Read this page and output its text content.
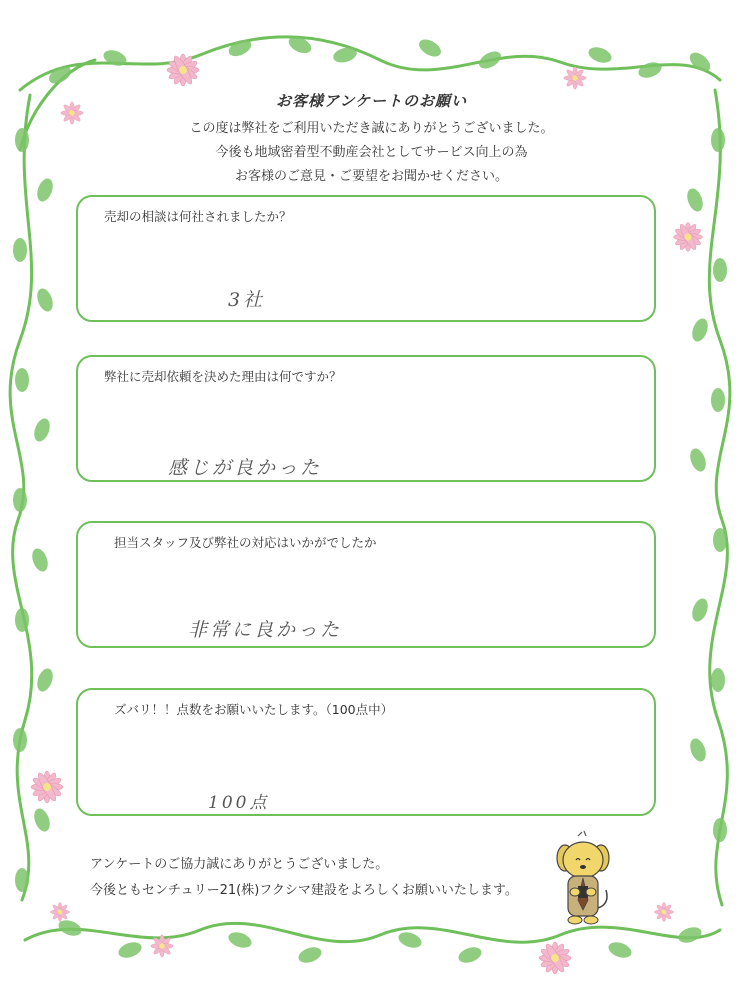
お客様アンケートのお願い

この度は弊社をご利用いただき誠にありがとうございました。

今後も地域密着型不動産会社としてサービス向上の為

お客様のご意見・ご要望をお聞かせください。

売却の相談は何社されましたか？
3社
弊社に売却依頼を決めた理由は何ですか？
感じが良かった
担当スタッフ及び弊社の対応はいかがでしたか
非常に良かった
ズバリ！！点数をお願いいたします。（100点中）
100点
アンケートのご協力誠にありがとうございました。
今後ともセンチュリー21(株)フクシマ建設をよろしくお願いいたします。
